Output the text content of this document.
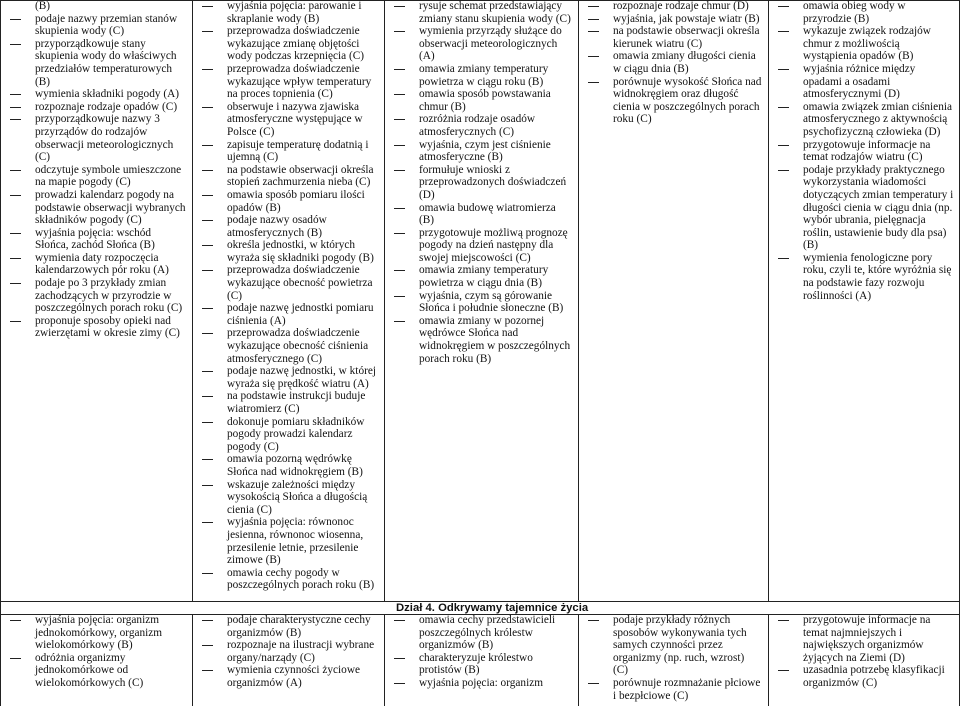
(B)
podaje nazwy przemian stanów skupienia wody (C)
przyporządkowuje stany skupienia wody do właściwych przedziałów temperaturowych (B)
wymienia składniki pogody (A)
rozpoznaje rodzaje opadów (C)
przyporządkowuje nazwy 3 przyrządów do rodzajów obserwacji meteorologicznych (C)
odczytuje symbole umieszczone na mapie pogody (C)
prowadzi kalendarz pogody na podstawie obserwacji wybranych składników pogody (C)
wyjaśnia pojęcia: wschód Słońca, zachód Słońca (B)
wymienia daty rozpoczęcia kalendarzowych pór roku (A)
podaje po 3 przykłady zmian zachodzących w przyrodzie w poszczególnych porach roku (C)
proponuje sposoby opieki nad zwierzętami w okresie zimy (C)
wyjaśnia pojęcia: parowanie i skraplanie wody (B)
przeprowadza doświadczenie wykazujące zmianę objętości wody podczas krzepnięcia (C)
przeprowadza doświadczenie wykazujące wpływ temperatury na proces topnienia (C)
obserwuje i nazywa zjawiska atmosferyczne występujące w Polsce (C)
zapisuje temperaturę dodatnią i ujemną (C)
na podstawie obserwacji określa stopień zachmurzenia nieba (C)
omawia sposób pomiaru ilości opadów (B)
podaje nazwy osadów atmosferycznych (B)
określa jednostki, w których wyraża się składniki pogody (B)
przeprowadza doświadczenie wykazujące obecność powietrza (C)
podaje nazwę jednostki pomiaru ciśnienia (A)
przeprowadza doświadczenie wykazujące obecność ciśnienia atmosferycznego (C)
podaje nazwę jednostki, w której wyraża się prędkość wiatru (A)
na podstawie instrukcji buduje wiatromierz (C)
dokonuje pomiaru składników pogody prowadzi kalendarz pogody (C)
omawia pozorną wędrówkę Słońca nad widnokręgiem (B)
wskazuje zależności między wysokością Słońca a długością cienia (C)
wyjaśnia pojęcia: równonoc jesienna, równonoc wiosenna, przesilenie letnie, przesilenie zimowe (B)
omawia cechy pogody w poszczególnych porach roku (B)
rysuje schemat przedstawiający zmiany stanu skupienia wody (C)
wymienia przyrządy służące do obserwacji meteorologicznych (A)
omawia zmiany temperatury powietrza w ciągu roku (B)
omawia sposób powstawania chmur (B)
rozróżnia rodzaje osadów atmosferycznych (C)
wyjaśnia, czym jest ciśnienie atmosferyczne (B)
formułuje wnioski z przeprowadzonych doświadczeń (D)
omawia budowę wiatromierza (B)
przygotowuje możliwą prognozę pogody na dzień następny dla swojej miejscowości (C)
omawia zmiany temperatury powietrza w ciągu dnia (B)
wyjaśnia, czym są górowanie Słońca i południe słoneczne (B)
omawia zmiany w pozornej wędrówce Słońca nad widnokręgiem w poszczególnych porach roku (B)
rozpoznaje rodzaje chmur (D)
wyjaśnia, jak powstaje wiatr (B)
na podstawie obserwacji określa kierunek wiatru (C)
omawia zmiany długości cienia w ciągu dnia (B)
porównuje wysokość Słońca nad widnokręgiem oraz długość cienia w poszczególnych porach roku (C)
omawia obieg wody w przyrodzie (B)
wykazuje związek rodzajów chmur z możliwością wystąpienia opadów (B)
wyjaśnia różnice między opadami a osadami atmosferycznymi (D)
omawia związek zmian ciśnienia atmosferycznego z aktywnością psychofizyczną człowieka (D)
przygotowuje informacje na temat rodzajów wiatru (C)
podaje przykłady praktycznego wykorzystania wiadomości dotyczących zmian temperatury i długości cienia w ciągu dnia (np. wybór ubrania, pielęgnacja roślin, ustawienie budy dla psa) (B)
wymienia fenologiczne pory roku, czyli te, które wyróżnia się na podstawie fazy rozwoju roślinności (A)
Dział 4. Odkrywamy tajemnice życia
wyjaśnia pojęcia: organizm jednokomórkowy, organizm wielokomórkowy (B)
odróżnia organizmy jednokomórkowe od wielokomórkowych (C)
podaje charakterystyczne cechy organizmów (B)
rozpoznaje na ilustracji wybrane organy/narządy (C)
wymienia czynności życiowe organizmów (A)
omawia cechy przedstawicieli poszczególnych królestw organizmów (B)
charakteryzuje królestwo protistów (B)
wyjaśnia pojęcia: organizm
podaje przykłady różnych sposobów wykonywania tych samych czynności przez organizmy (np. ruch, wzrost) (C)
porównuje rozmnażanie płciowe i bezpłciowe (C)
przygotowuje informacje na temat najmniejszych i największych organizmów żyjących na Ziemi (D)
uzasadnia potrzebę klasyfikacji organizmów (C)
